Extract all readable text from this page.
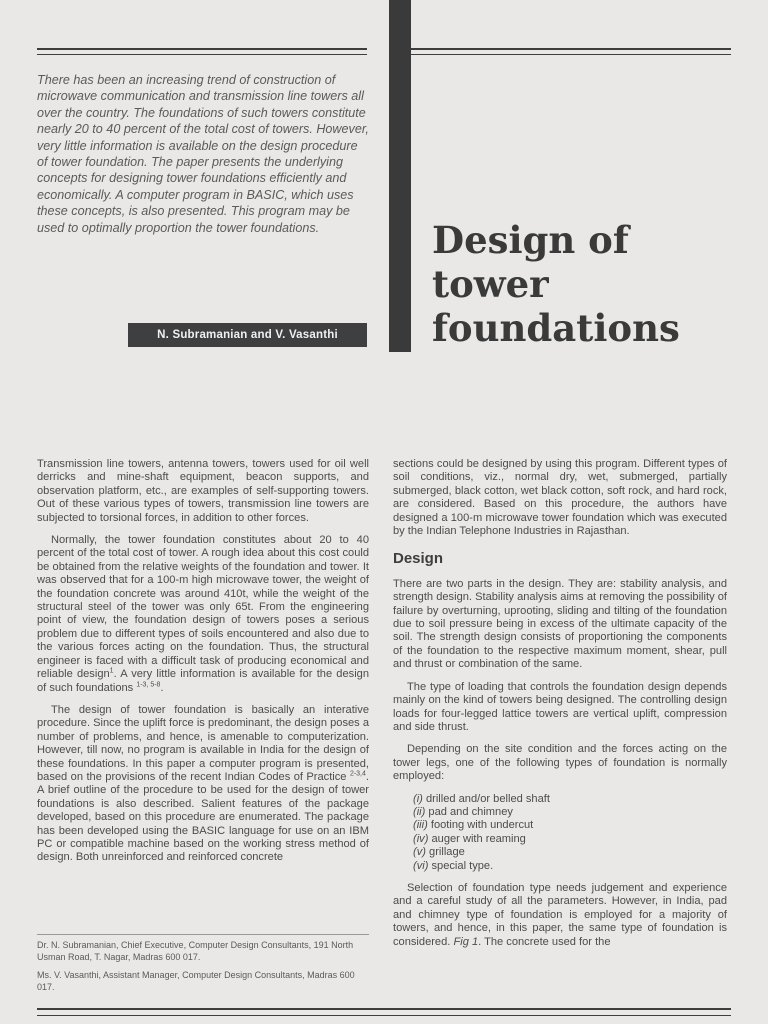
There has been an increasing trend of construction of microwave communication and transmission line towers all over the country. The foundations of such towers constitute nearly 20 to 40 percent of the total cost of towers. However, very little information is available on the design procedure of tower foundation. The paper presents the underlying concepts for designing tower foundations efficiently and economically. A computer program in BASIC, which uses these concepts, is also presented. This program may be used to optimally proportion the tower foundations.

N. Subramanian and V. Vasanthi
Design of
tower
foundations

Transmission line towers, antenna towers, towers used for oil well derricks and mine-shaft equipment, beacon supports, and observation platform, etc., are examples of self-supporting towers. Out of these various types of towers, transmission line towers are subjected to torsional forces, in addition to other forces.

Normally, the tower foundation constitutes about 20 to 40 percent of the total cost of tower. A rough idea about this cost could be obtained from the relative weights of the foundation and tower. It was observed that for a 100-m high microwave tower, the weight of the foundation concrete was around 410t, while the weight of the structural steel of the tower was only 65t. From the engineering point of view, the foundation design of towers poses a serious problem due to different types of soils encountered and also due to the various forces acting on the foundation. Thus, the structural engineer is faced with a difficult task of producing economical and reliable design$^1$. A very little information is available for the design of such foundations $^{1-3, 5-8}$.

The design of tower foundation is basically an interative procedure. Since the uplift force is predominant, the design poses a number of problems, and hence, is amenable to computerization. However, till now, no program is available in India for the design of these foundations. In this paper a computer program is presented, based on the provisions of the recent Indian Codes of Practice $^{2-3,4}$. A brief outline of the procedure to be used for the design of tower foundations is also described. Salient features of the package developed, based on this procedure are enumerated. The package has been developed using the BASIC language for use on an IBM PC or compatible machine based on the working stress method of design. Both unreinforced and reinforced concrete

Dr. N. Subramanian, Chief Executive, Computer Design Consultants, 191 North Usman Road, T. Nagar, Madras 600 017.

Ms. V. Vasanthi, Assistant Manager, Computer Design Consultants, Madras 600 017.

sections could be designed by using this program. Different types of soil conditions, viz., normal dry, wet, submerged, partially submerged, black cotton, wet black cotton, soft rock, and hard rock, are considered. Based on this procedure, the authors have designed a 100-m microwave tower foundation which was executed by the Indian Telephone Industries in Rajasthan.

Design

There are two parts in the design. They are: stability analysis, and strength design. Stability analysis aims at removing the possibility of failure by overturning, uprooting, sliding and tilting of the foundation due to soil pressure being in excess of the ultimate capacity of the soil. The strength design consists of proportioning the components of the foundation to the respective maximum moment, shear, pull and thrust or combination of the same.

The type of loading that controls the foundation design depends mainly on the kind of towers being designed. The controlling design loads for four-legged lattice towers are vertical uplift, compression and side thrust.

Depending on the site condition and the forces acting on the tower legs, one of the following types of foundation is normally employed:

(i) drilled and/or belled shaft
(ii) pad and chimney
(iii) footing with undercut
(iv) auger with reaming
(v) grillage
(vi) special type.

Selection of foundation type needs judgement and experience and a careful study of all the parameters. However, in India, pad and chimney type of foundation is employed for a majority of towers, and hence, in this paper, the same type of foundation is considered. Fig 1. The concrete used for the
